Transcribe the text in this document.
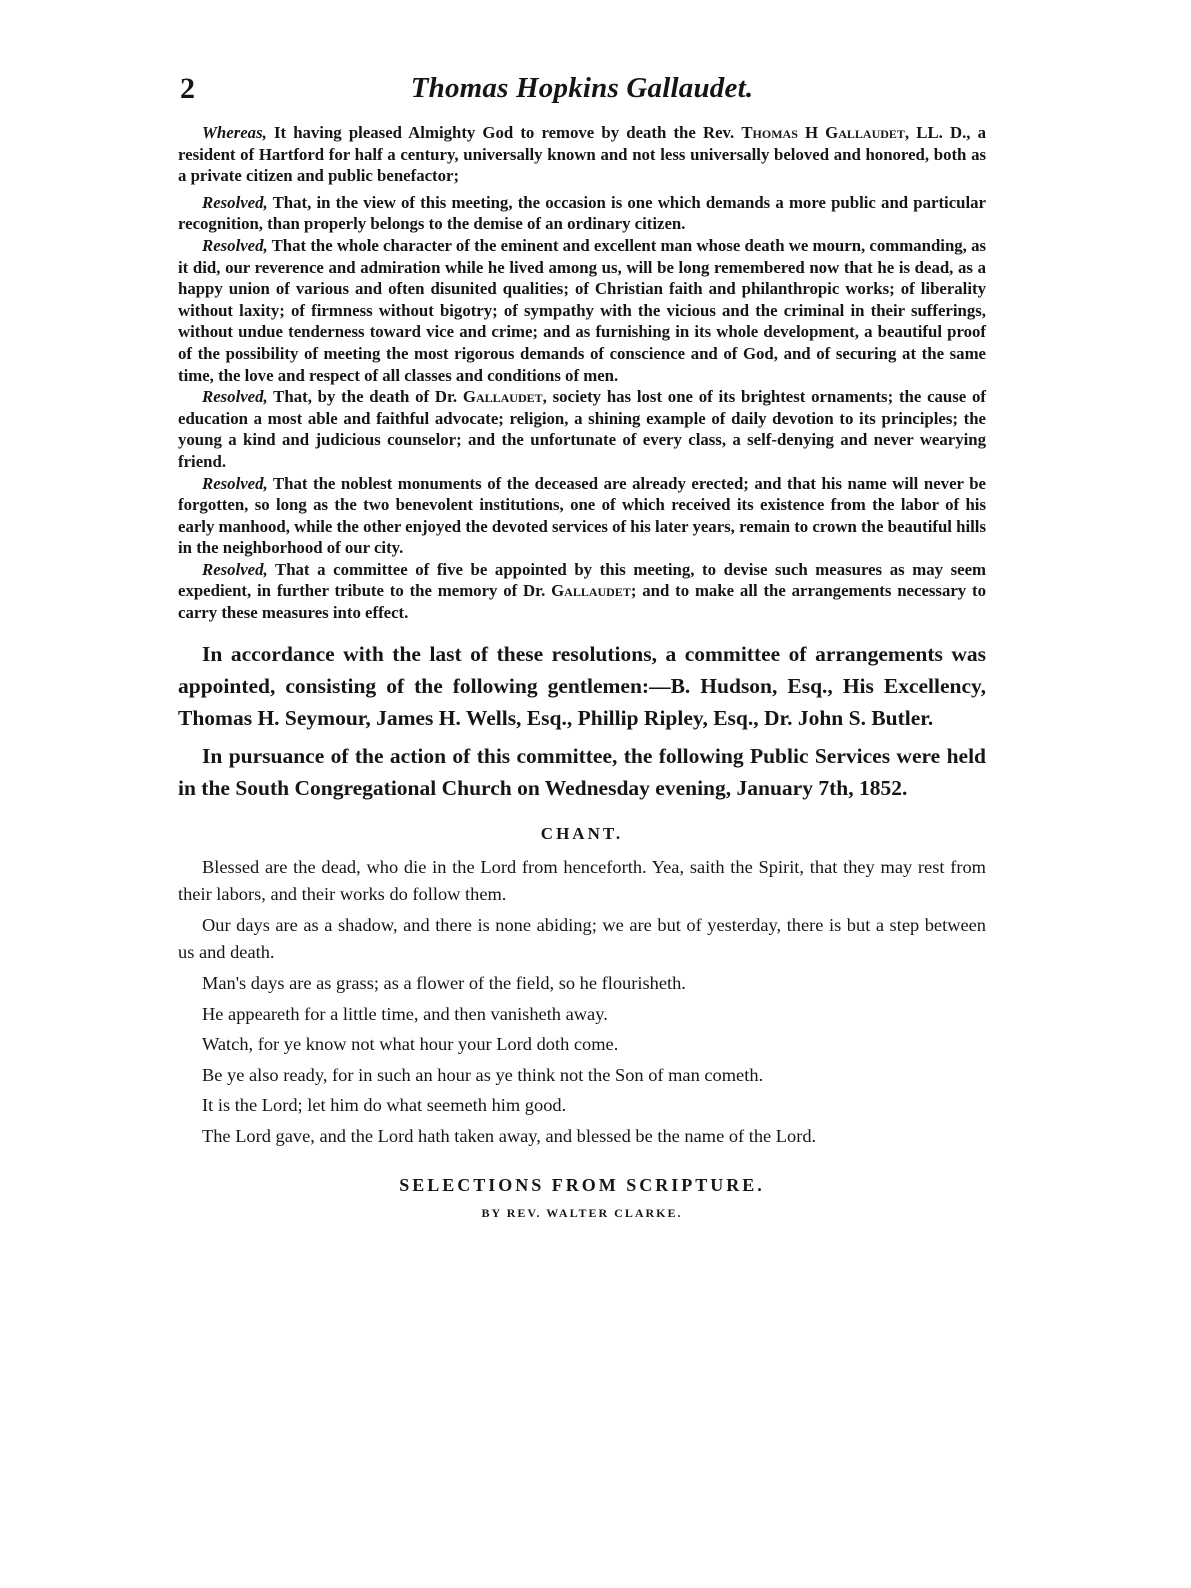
2	Thomas Hopkins Gallaudet.

Whereas, It having pleased Almighty God to remove by death the Rev. Thomas H Gallaudet, LL. D., a resident of Hartford for half a century, universally known and not less universally beloved and honored, both as a private citizen and public benefactor;

Resolved, That, in the view of this meeting, the occasion is one which demands a more public and particular recognition, than properly belongs to the demise of an ordinary citizen.

Resolved, That the whole character of the eminent and excellent man whose death we mourn, commanding, as it did, our reverence and admiration while he lived among us, will be long remembered now that he is dead, as a happy union of various and often disunited qualities; of Christian faith and philanthropic works; of liberality without laxity; of firmness without bigotry; of sympathy with the vicious and the criminal in their sufferings, without undue tenderness toward vice and crime; and as furnishing in its whole development, a beautiful proof of the possibility of meeting the most rigorous demands of conscience and of God, and of securing at the same time, the love and respect of all classes and conditions of men.

Resolved, That, by the death of Dr. Gallaudet, society has lost one of its brightest ornaments; the cause of education a most able and faithful advocate; religion, a shining example of daily devotion to its principles; the young a kind and judicious counselor; and the unfortunate of every class, a self-denying and never wearying friend.

Resolved, That the noblest monuments of the deceased are already erected; and that his name will never be forgotten, so long as the two benevolent institutions, one of which received its existence from the labor of his early manhood, while the other enjoyed the devoted services of his later years, remain to crown the beautiful hills in the neighborhood of our city.

Resolved, That a committee of five be appointed by this meeting, to devise such measures as may seem expedient, in further tribute to the memory of Dr. Gallaudet; and to make all the arrangements necessary to carry these measures into effect.

In accordance with the last of these resolutions, a committee of arrangements was appointed, consisting of the following gentlemen:—B. Hudson, Esq., His Excellency, Thomas H. Seymour, James H. Wells, Esq., Phillip Ripley, Esq., Dr. John S. Butler.

In pursuance of the action of this committee, the following Public Services were held in the South Congregational Church on Wednesday evening, January 7th, 1852.

CHANT.

Blessed are the dead, who die in the Lord from henceforth. Yea, saith the Spirit, that they may rest from their labors, and their works do follow them.

Our days are as a shadow, and there is none abiding; we are but of yesterday, there is but a step between us and death.

Man's days are as grass; as a flower of the field, so he flourisheth.

He appeareth for a little time, and then vanisheth away.

Watch, for ye know not what hour your Lord doth come.

Be ye also ready, for in such an hour as ye think not the Son of man cometh.

It is the Lord; let him do what seemeth him good.

The Lord gave, and the Lord hath taken away, and blessed be the name of the Lord.

SELECTIONS FROM SCRIPTURE.
BY REV. WALTER CLARKE.
